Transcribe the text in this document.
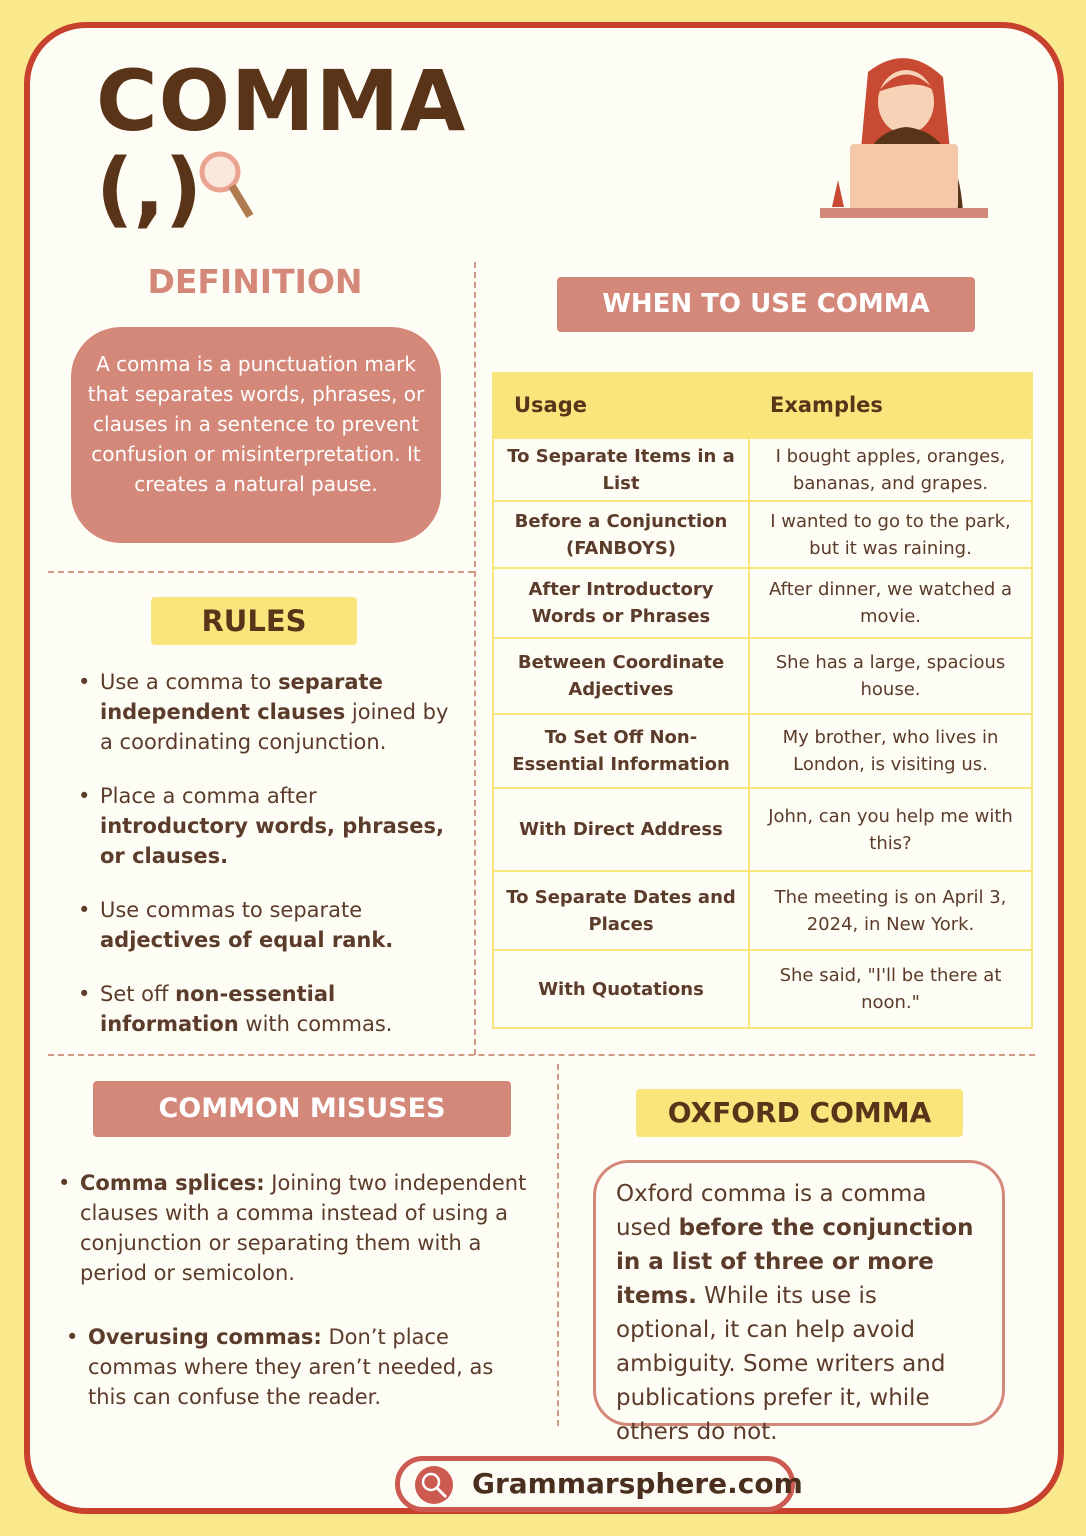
COMMA
(,)
DEFINITION
A comma is a punctuation mark that separates words, phrases, or clauses in a sentence to prevent confusion or misinterpretation. It creates a natural pause.
RULES
• Use a comma to separate independent clauses joined by a coordinating conjunction.
• Place a comma after introductory words, phrases, or clauses.
• Use commas to separate adjectives of equal rank.
• Set off non-essential information with commas.
WHEN TO USE COMMA
Usage	Examples
To Separate Items in a List	I bought apples, oranges, bananas, and grapes.
Before a Conjunction (FANBOYS)	I wanted to go to the park, but it was raining.
After Introductory Words or Phrases	After dinner, we watched a movie.
Between Coordinate Adjectives	She has a large, spacious house.
To Set Off Non-Essential Information	My brother, who lives in London, is visiting us.
With Direct Address	John, can you help me with this?
To Separate Dates and Places	The meeting is on April 3, 2024, in New York.
With Quotations	She said, "I'll be there at noon."
COMMON MISUSES
• Comma splices: Joining two independent clauses with a comma instead of using a conjunction or separating them with a period or semicolon.
• Overusing commas: Don’t place commas where they aren’t needed, as this can confuse the reader.
OXFORD COMMA
Oxford comma is a comma used before the conjunction in a list of three or more items. While its use is optional, it can help avoid ambiguity. Some writers and publications prefer it, while others do not.
Grammarsphere.com
